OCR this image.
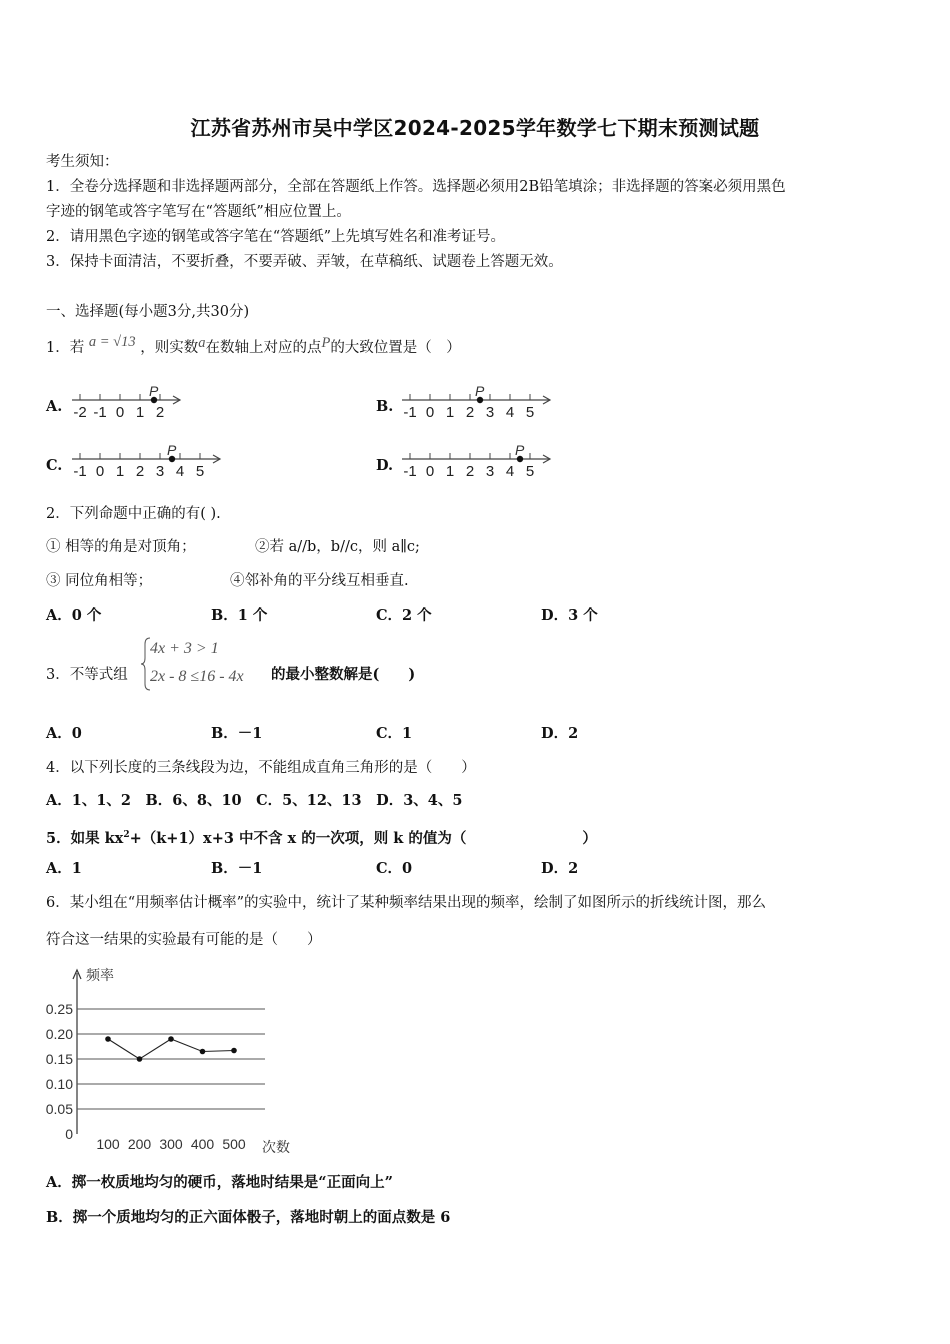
江苏省苏州市吴中学区2024-2025学年数学七下期末预测试题
考生须知：
1．全卷分选择题和非选择题两部分，全部在答题纸上作答。选择题必须用2B铅笔填涂；非选择题的答案必须用黑色
字迹的钢笔或答字笔写在“答题纸”相应位置上。
2．请用黑色字迹的钢笔或答字笔在“答题纸”上先填写姓名和准考证号。
3．保持卡面清洁，不要折叠，不要弄破、弄皱，在草稿纸、试题卷上答题无效。
一、选择题(每小题3分,共30分)
1．若 a = √13 ，则实数a在数轴上对应的点P的大致位置是（　）
A. -2 -1 0 1 2
P
B. -1 0 1 2 3 4 5
P
C. -1 0 1 2 3 4 5
P
D. -1 0 1 2 3 4 5
P
2．下列命题中正确的有( ).
① 相等的角是对顶角；	②若 a//b，b//c，则 a∥c;
③ 同位角相等；	④邻补角的平分线互相垂直.
A．0 个	B．1 个	C．2 个	D．3 个
3．不等式组
4x + 3 > 1
2x - 8 ≤16 - 4x 的最小整数解是(　　)
A．0	B．－1	C．1	D．2
4．以下列长度的三条线段为边，不能组成直角三角形的是（　　）
A．1、1、2　B．6、8、10　C．5、12、13　D．3、4、5
5．如果 $kx^2+(k+1)x+3$ 中不含 x 的一次项，则 k 的值为（　　　　　　　　）
A．1	B．－1	C．0	D．2
6．某小组在“用频率估计概率”的实验中，统计了某种频率结果出现的频率，绘制了如图所示的折线统计图，那么
符合这一结果的实验最有可能的是（　　）
频率
次数
0.25
0.20
0.15
0.10
0.05
0
100 200 300 400 500
A．掷一枚质地均匀的硬币，落地时结果是“正面向上”
B．掷一个质地均匀的正六面体骰子，落地时朝上的面点数是 6
